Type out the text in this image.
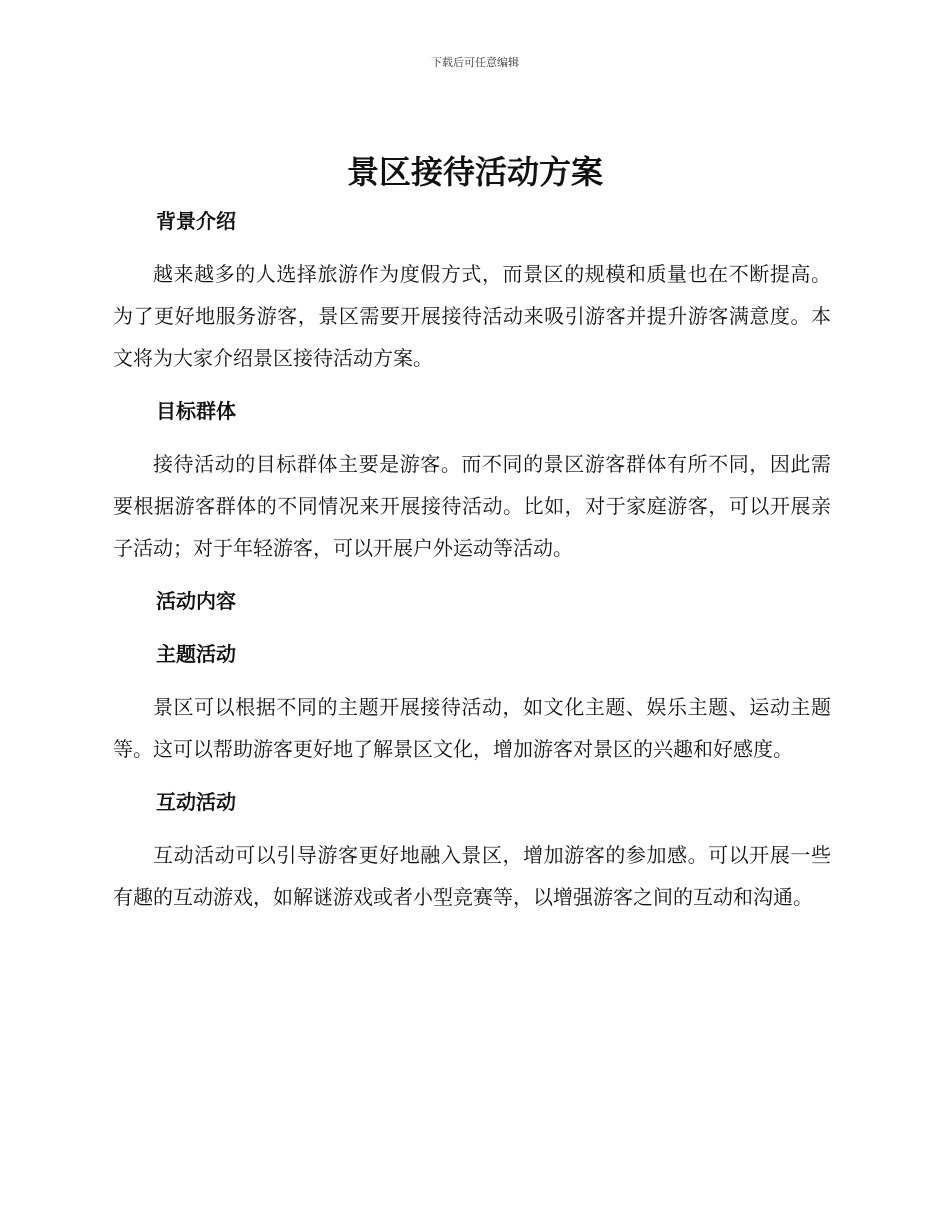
下载后可任意编辑
景区接待活动方案
背景介绍

越来越多的人选择旅游作为度假方式，而景区的规模和质量也在不断提高。为了更好地服务游客，景区需要开展接待活动来吸引游客并提升游客满意度。本文将为大家介绍景区接待活动方案。

目标群体

接待活动的目标群体主要是游客。而不同的景区游客群体有所不同，因此需要根据游客群体的不同情况来开展接待活动。比如，对于家庭游客，可以开展亲子活动；对于年轻游客，可以开展户外运动等活动。

活动内容
主题活动

景区可以根据不同的主题开展接待活动，如文化主题、娱乐主题、运动主题等。这可以帮助游客更好地了解景区文化，增加游客对景区的兴趣和好感度。

互动活动

互动活动可以引导游客更好地融入景区，增加游客的参加感。可以开展一些有趣的互动游戏，如解谜游戏或者小型竞赛等，以增强游客之间的互动和沟通。
